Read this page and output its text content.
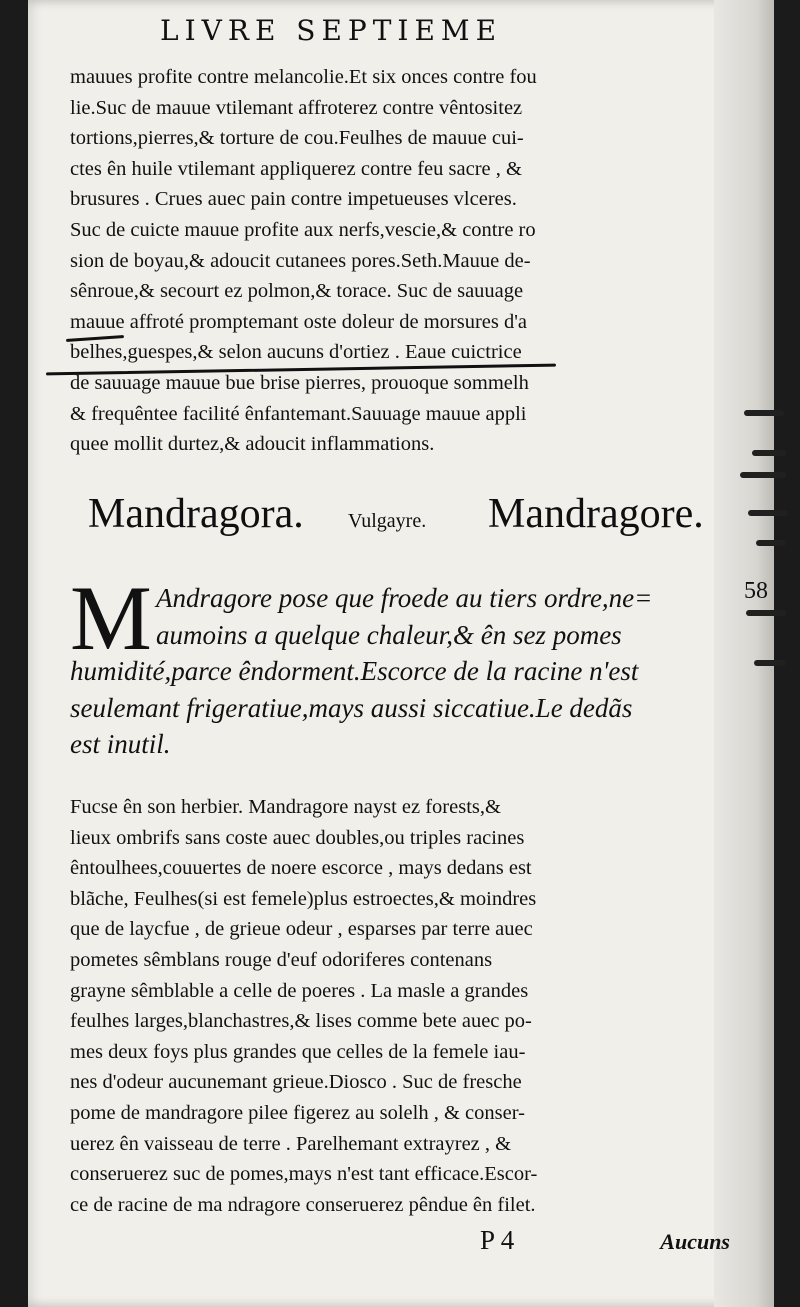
LIVRE SEPTIEME

mauues profite contre melancolie.Et six onces contre fou

lie.Suc de mauue vtilemant affroterez contre vêntositez

tortions,pierres,& torture de cou.Feulhes de mauue cui-

ctes ên huile vtilemant appliquerez contre feu sacre , &

brusures . Crues auec pain contre impetueuses vlceres.

Suc de cuicte mauue profite aux nerfs,vescie,& contre ro

sion de boyau,& adoucit cutanees pores.Seth.Mauue de-

sênroue,& secourt ez polmon,& torace. Suc de sauuage

mauue affroté promptemant oste doleur de morsures d'a

belhes,guespes,& selon aucuns d'ortiez . Eaue cuictrice

de sauuage mauue bue brise pierres, prouoque sommelh

& frequêntee facilité ênfantemant.Sauuage mauue appli

quee mollit durtez,& adoucit inflammations.

Mandragora. Vulgayre. Mandragore.
58
M Andragore pose que froede au tiers ordre,ne=

aumoins a quelque chaleur,& ên sez pomes

humidité,parce êndorment.Escorce de la racine n'est

seulemant frigeratiue,mays aussi siccatiue.Le dedãs

est inutil.

Fucse ên son herbier. Mandragore nayst ez forests,&

lieux ombrifs sans coste auec doubles,ou triples racines

êntoulhees,couuertes de noere escorce , mays dedans est

blãche, Feulhes(si est femele)plus estroectes,& moindres

que de laycfue , de grieue odeur , esparses par terre auec

pometes sêmblans rouge d'euf odoriferes contenans

grayne sêmblable a celle de poeres . La masle a grandes

feulhes larges,blanchastres,& lises comme bete auec po-

mes deux foys plus grandes que celles de la femele iau-

nes d'odeur aucunemant grieue.Diosco . Suc de fresche

pome de mandragore pilee figerez au solelh , & conser-

uerez ên vaisseau de terre . Parelhemant extrayrez , &

conseruerez suc de pomes,mays n'est tant efficace.Escor-

ce de racine de ma ndragore conseruerez pêndue ên filet.

P 4	Aucuns
